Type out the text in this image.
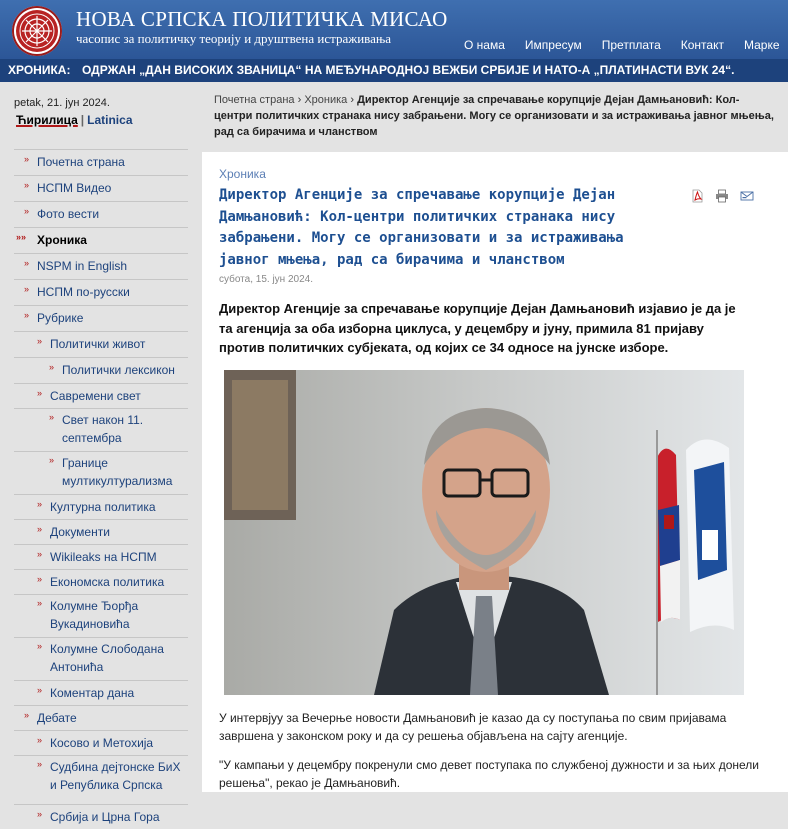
НОВА СРПСКА ПОЛИТИЧКА МИСАО
часопис за политичку теорију и друштвена истраживања	О нама	Импресум	Претплата	Контакт	Марке
ХРОНИКА: ОДРЖАН „ДАН ВИСОКИХ ЗВАНИЦА“ НА МЕЂУНАРОДНОЈ ВЕЖБИ СРБИЈЕ И НАТО-А „ПЛАТИНАСТИ ВУК 24“.
petak, 21. јун 2024.
Ћирилица | Latinica
» Почетна страна

» НСПМ Видео

» Фото вести

»» Хроника

» NSPM in English

» НСПМ по-русски

» Рубрике

» Политички живот

» Политички лексикон

» Савремени свет

» Свет након 11.
септембра
» Границе
мултикултурализма
» Културна политика

» Документи

» Wikileaks на НСПМ

» Економска политика

» Колумне Ђорђа
Вукадиновића
» Колумне Слободана
Антонића
» Коментар дана

» Дебате

» Косово и Метохија

» Судбина дејтонске БиХ
и Република Српска
» Србија и Црна Гора

Почетна страна › Хроника › Директор Агенције за спречавање корупције Дејан Дамњановић: Кол-центри политичких странака нису забрањени. Могу се организовати и за истраживања јавног мњења, рад са бирачима и чланством
Хроника
Директор Агенције за спречавање корупције Дејан Дамњановић: Кол-центри политичких странака нису забрањени. Могу се организовати и за истраживања јавног мњења, рад са бирачима и чланством
субота, 15. јун 2024.
Директор Агенције за спречавање корупције Дејан Дамњановић изјавио је да је та агенција за оба изборна циклуса, у децембру и јуну, примила 81 пријаву против политичких субјеката, од којих се 34 односе на јунске изборе.
У интервјуу за Вечерње новости Дамњановић је казао да су поступања по свим пријавама завршена у законском року и да су решења објављена на сајту агенције.
"У кампањи у децембру покренули смо девет поступака по службеној дужности и за њих донели решења", рекао је Дамњановић.
